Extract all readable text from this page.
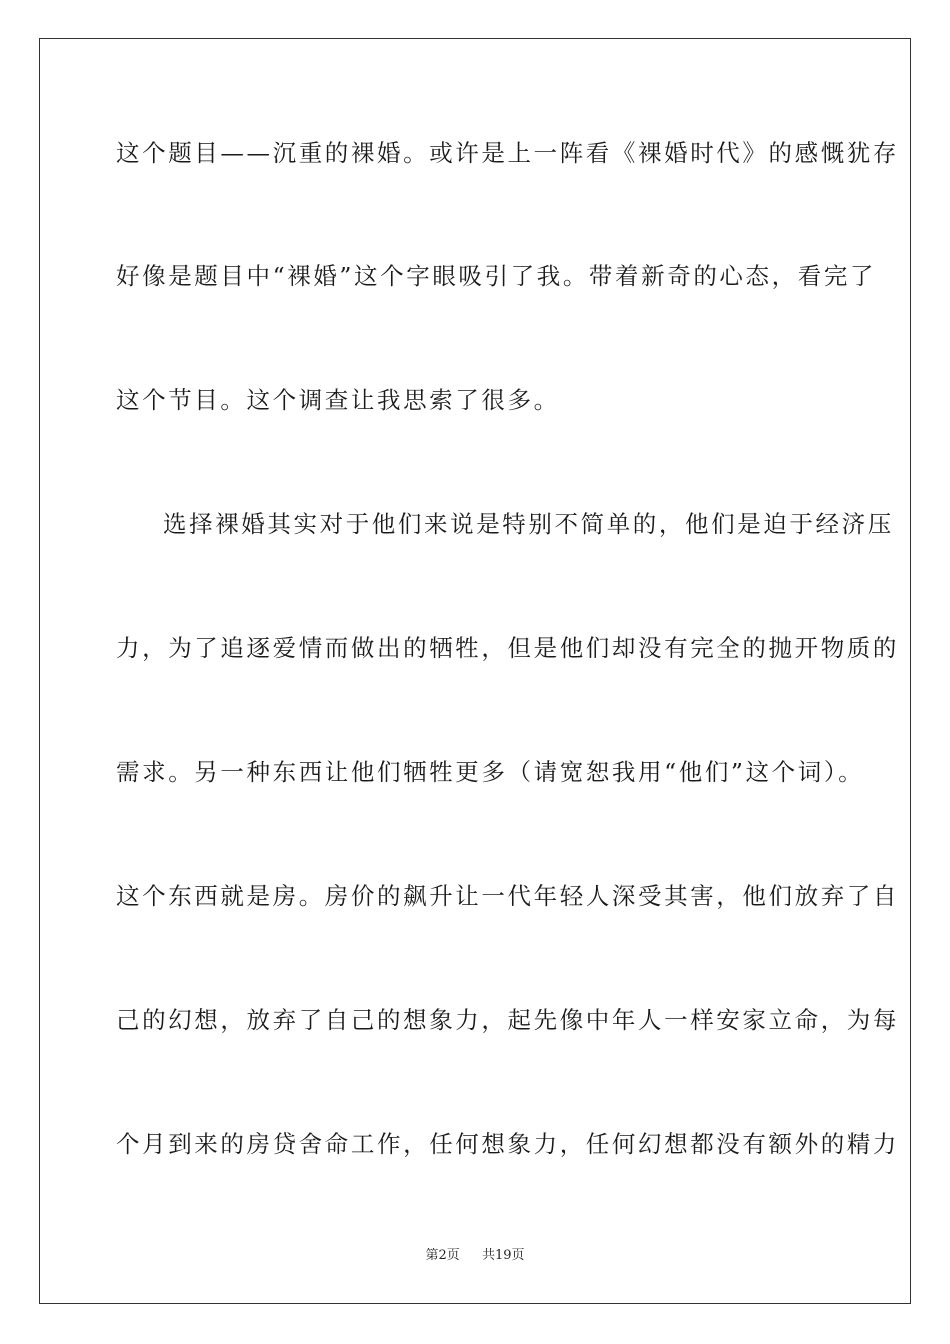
这个题目——沉重的裸婚。或许是上一阵看《裸婚时代》的感慨犹存
好像是题目中“裸婚”这个字眼吸引了我。带着新奇的心态，看完了
这个节目。这个调查让我思索了很多。
选择裸婚其实对于他们来说是特别不简单的，他们是迫于经济压
力，为了追逐爱情而做出的牺牲，但是他们却没有完全的抛开物质的
需求。另一种东西让他们牺牲更多（请宽恕我用“他们”这个词）。
这个东西就是房。房价的飙升让一代年轻人深受其害，他们放弃了自
己的幻想，放弃了自己的想象力，起先像中年人一样安家立命，为每
个月到来的房贷舍命工作，任何想象力，任何幻想都没有额外的精力
第2页 共19页
